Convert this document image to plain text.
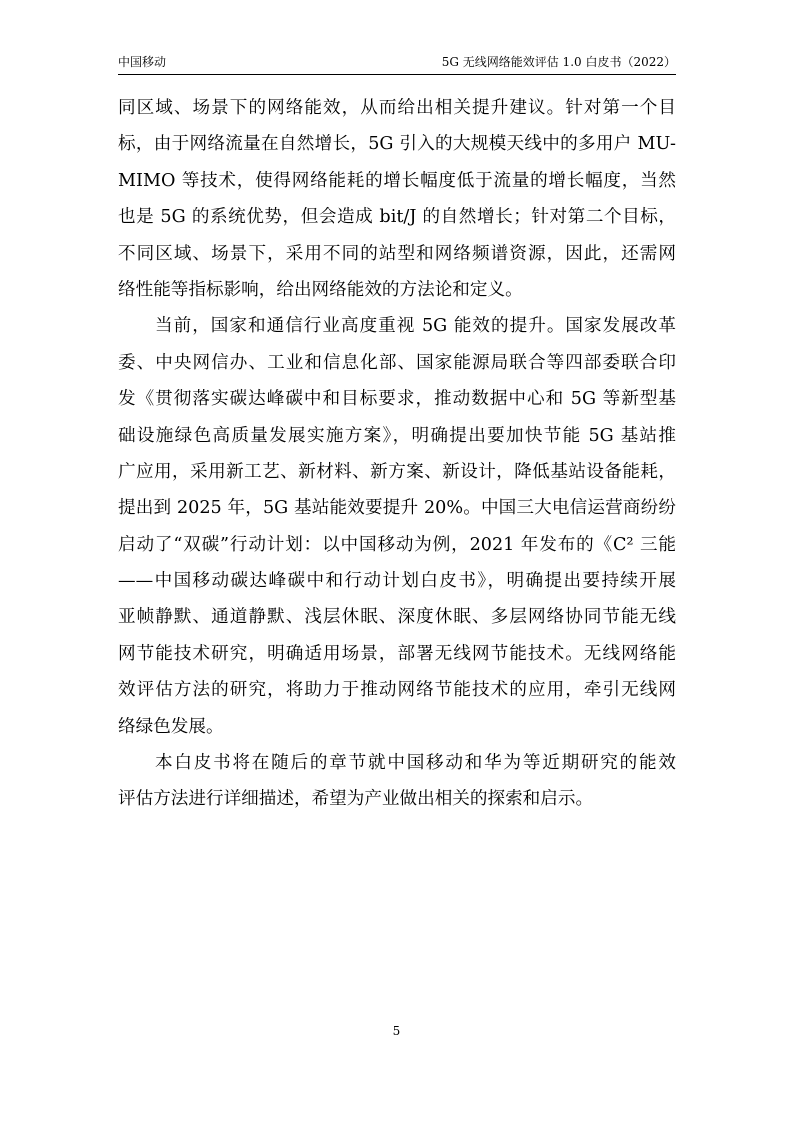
中国移动	5G 无线网络能效评估 1.0 白皮书（2022）

同区域、场景下的网络能效，从而给出相关提升建议。针对第一个目
标，由于网络流量在自然增长，5G 引入的大规模天线中的多用户 MU-
MIMO 等技术，使得网络能耗的增长幅度低于流量的增长幅度，当然
也是 5G 的系统优势，但会造成 bit/J 的自然增长；针对第二个目标，
不同区域、场景下，采用不同的站型和网络频谱资源，因此，还需网
络性能等指标影响，给出网络能效的方法论和定义。

当前，国家和通信行业高度重视 5G 能效的提升。国家发展改革
委、中央网信办、工业和信息化部、国家能源局联合等四部委联合印
发《贯彻落实碳达峰碳中和目标要求，推动数据中心和 5G 等新型基
础设施绿色高质量发展实施方案》，明确提出要加快节能 5G 基站推
广应用，采用新工艺、新材料、新方案、新设计，降低基站设备能耗，
提出到 2025 年，5G 基站能效要提升 20%。中国三大电信运营商纷纷
启动了“双碳”行动计划：以中国移动为例，2021 年发布的《C² 三能
——中国移动碳达峰碳中和行动计划白皮书》，明确提出要持续开展
亚帧静默、通道静默、浅层休眠、深度休眠、多层网络协同节能无线
网节能技术研究，明确适用场景，部署无线网节能技术。无线网络能
效评估方法的研究，将助力于推动网络节能技术的应用，牵引无线网
络绿色发展。

本白皮书将在随后的章节就中国移动和华为等近期研究的能效
评估方法进行详细描述，希望为产业做出相关的探索和启示。

5
